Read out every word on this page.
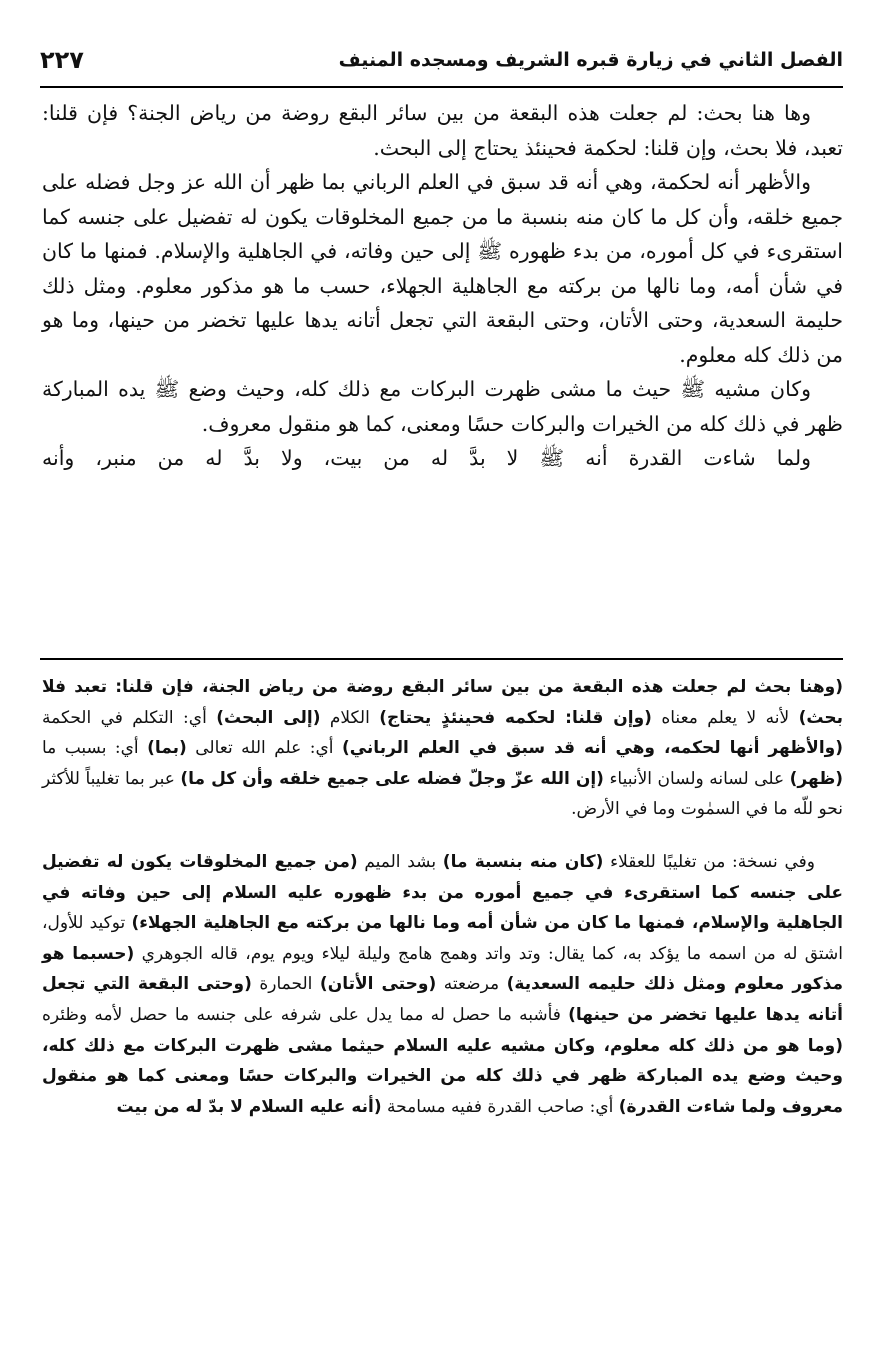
الفصل الثاني في زيارة قبره الشريف ومسجده المنيف
٢٢٧

وها هنا بحث: لم جعلت هذه البقعة من بين سائر البقع روضة من رياض الجنة؟ فإن قلنا: تعبد، فلا بحث، وإن قلنا: لحكمة فحينئذ يحتاج إلى البحث.

والأظهر أنه لحكمة، وهي أنه قد سبق في العلم الرباني بما ظهر أن الله عز وجل فضله على جميع خلقه، وأن كل ما كان منه بنسبة ما من جميع المخلوقات يكون له تفضيل على جنسه كما استقرىء في كل أموره، من بدء ظهوره ﷺ إلى حين وفاته، في الجاهلية والإسلام. فمنها ما كان في شأن أمه، وما نالها من بركته مع الجاهلية الجهلاء، حسب ما هو مذكور معلوم. ومثل ذلك حليمة السعدية، وحتى الأتان، وحتى البقعة التي تجعل أتانه يدها عليها تخضر من حينها، وما هو من ذلك كله معلوم.

وكان مشيه ﷺ حيث ما مشى ظهرت البركات مع ذلك كله، وحيث وضع ﷺ يده المباركة ظهر في ذلك كله من الخيرات والبركات حسًا ومعنى، كما هو منقول معروف.

ولما شاءت القدرة أنه ﷺ لا بدَّ له من بيت، ولا بدَّ له من منبر، وأنه

(وهنا بحث لم جعلت هذه البقعة من بين سائر البقع روضة من رياض الجنة، فإن قلنا: تعبد فلا بحث) لأنه لا يعلم معناه (وإن قلنا: لحكمه فحينئذٍ يحتاج) الكلام (إلى البحث) أي: التكلم في الحكمة (والأظهر أنها لحكمه، وهي أنه قد سبق في العلم الرباني) أي: علم الله تعالى (بما) أي: بسبب ما (ظهر) على لسانه ولسان الأنبياء (إن الله عزّ وجلّ فضله على جميع خلقه وأن كل ما) عبر بما تغليباً للأكثر نحو للّه ما في السمٰوت وما في الأرض.

وفي نسخة: من تغليبًا للعقلاء (كان منه بنسبة ما) بشد الميم (من جميع المخلوقات يكون له تفضيل على جنسه كما استقرىء في جميع أموره من بدء ظهوره عليه السلام إلى حين وفاته في الجاهلية والإسلام، فمنها ما كان من شأن أمه وما نالها من بركته مع الجاهلية الجهلاء) توكيد للأول، اشتق له من اسمه ما يؤكد به، كما يقال: وتد واتد وهمج هامج وليلة ليلاء ويوم يوم، قاله الجوهري (حسبما هو مذكور معلوم ومثل ذلك حليمه السعدية) مرضعته (وحتى الأتان) الحمارة (وحتى البقعة التي تجعل أتانه يدها عليها تخضر من حينها) فأشبه ما حصل له مما يدل على شرفه على جنسه ما حصل لأمه وظئره (وما هو من ذلك كله معلوم، وكان مشيه عليه السلام حيثما مشى ظهرت البركات مع ذلك كله، وحيث وضع يده المباركة ظهر في ذلك كله من الخيرات والبركات حسًا ومعنى كما هو منقول معروف ولما شاءت القدرة) أي: صاحب القدرة ففيه مسامحة (أنه عليه السلام لا بدّ له من بيت
